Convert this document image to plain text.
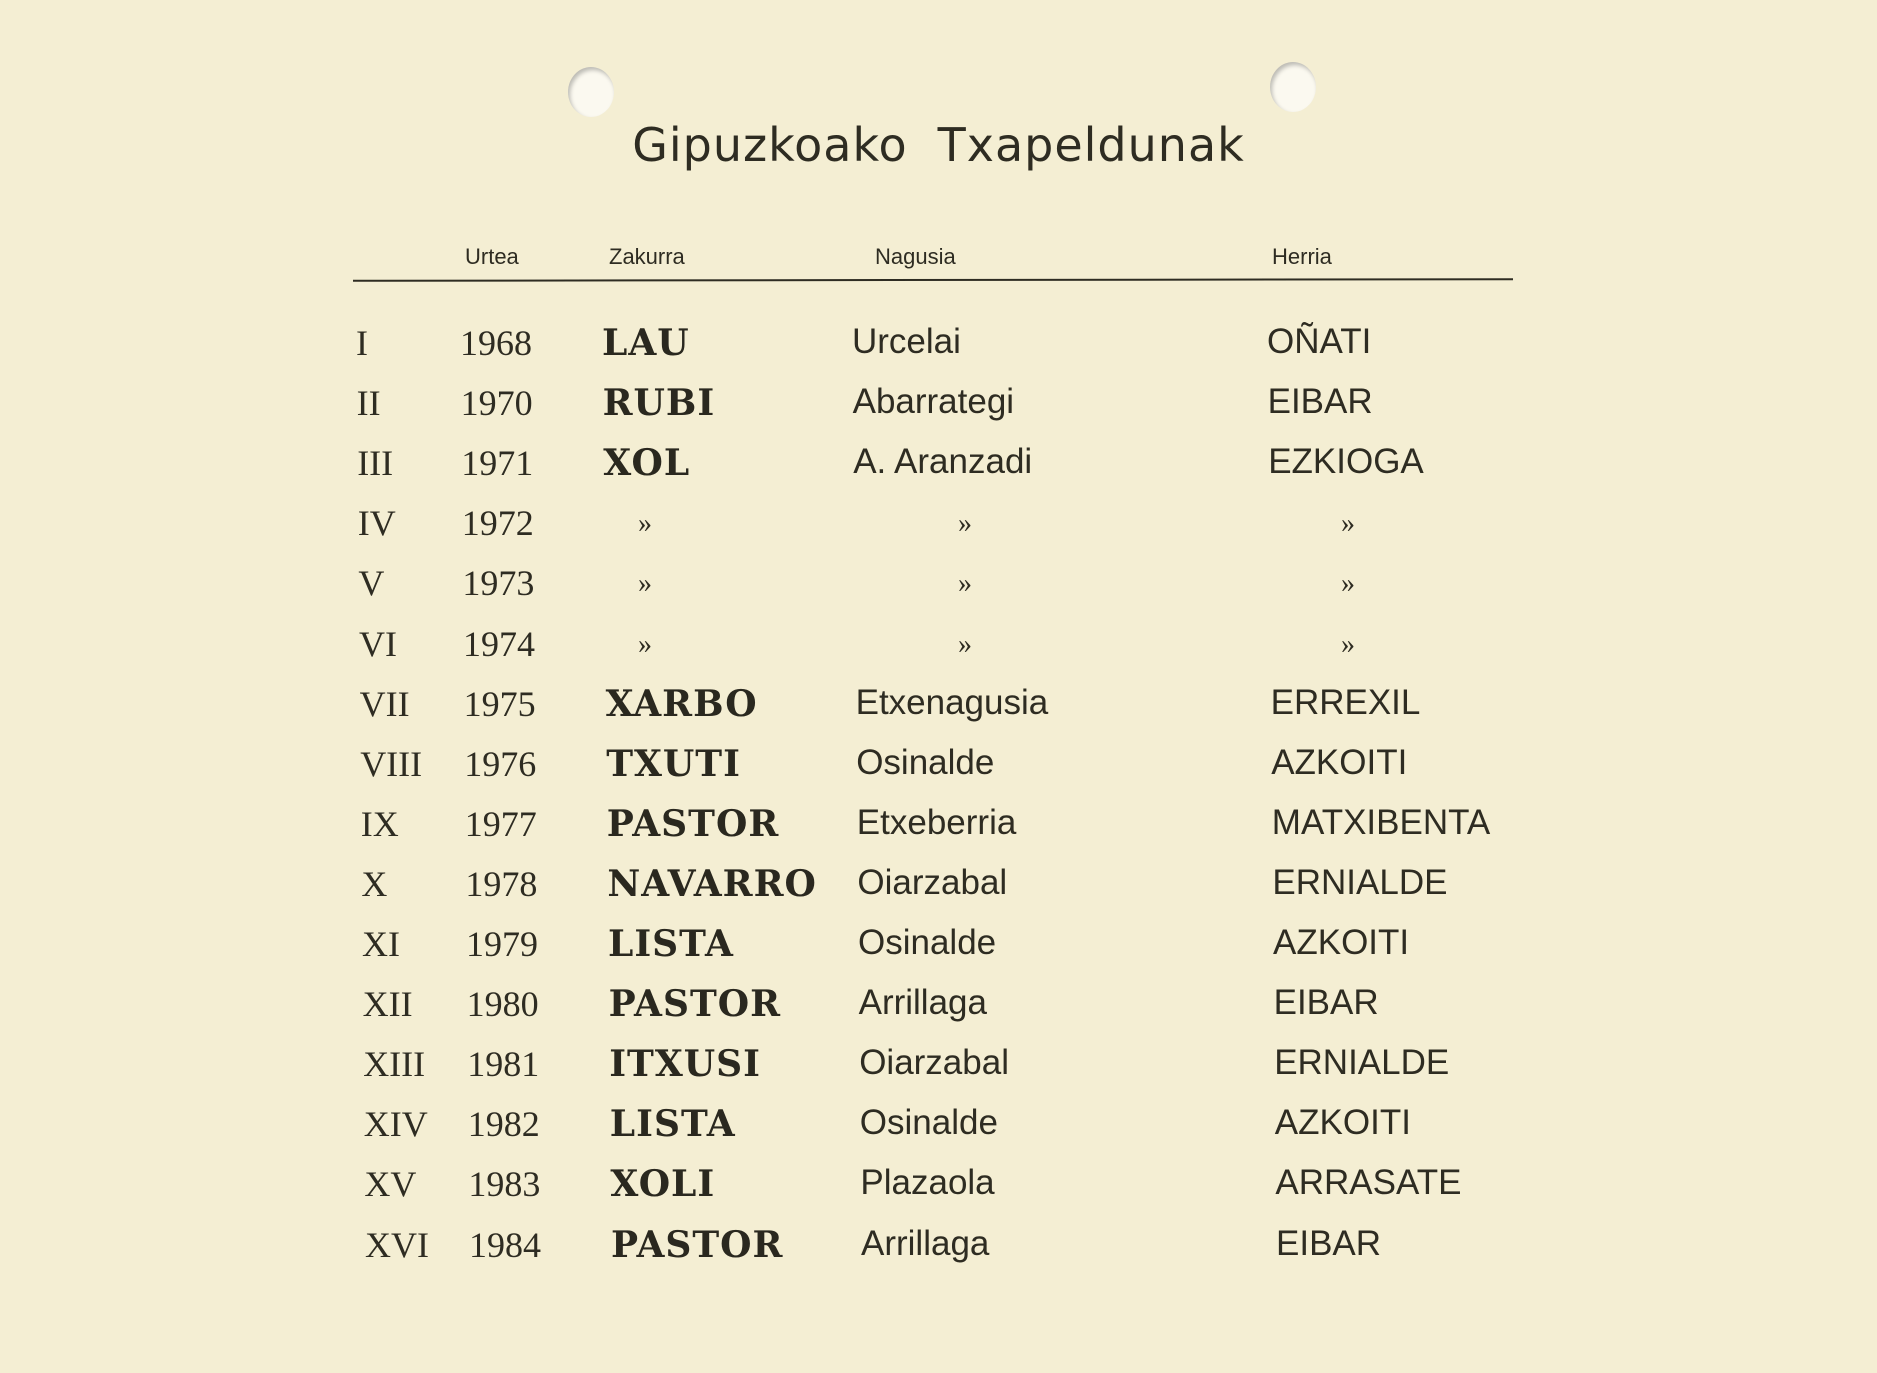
Gipuzkoako Txapeldunak
Urtea	Zakurra	Nagusia	Herria
I	1968 LAU	Urcelai	OÑATI
II 1970 RUBI	Abarrategi	EIBAR
III 1971 XOL	A. Aranzadi	EZKIOGA
IV 1972	»	»	»
V 1973	»	»	»
VI 1974	»	»	»
VII 1975 XARBO	Etxenagusia	ERREXIL
VIII 1976 TXUTI	Osinalde	AZKOITI
IX 1977 PASTOR Etxeberria	MATXIBENTA
X 1978 NAVARRO Oiarzabal	ERNIALDE
XI 1979 LISTA	Osinalde	AZKOITI
XII 1980 PASTOR Arrillaga	EIBAR
XIII 1981 ITXUSI	Oiarzabal	ERNIALDE
XIV 1982 LISTA	Osinalde	AZKOITI
XV 1983 XOLI	Plazaola	ARRASATE
XVI 1984 PASTOR Arrillaga	EIBAR
